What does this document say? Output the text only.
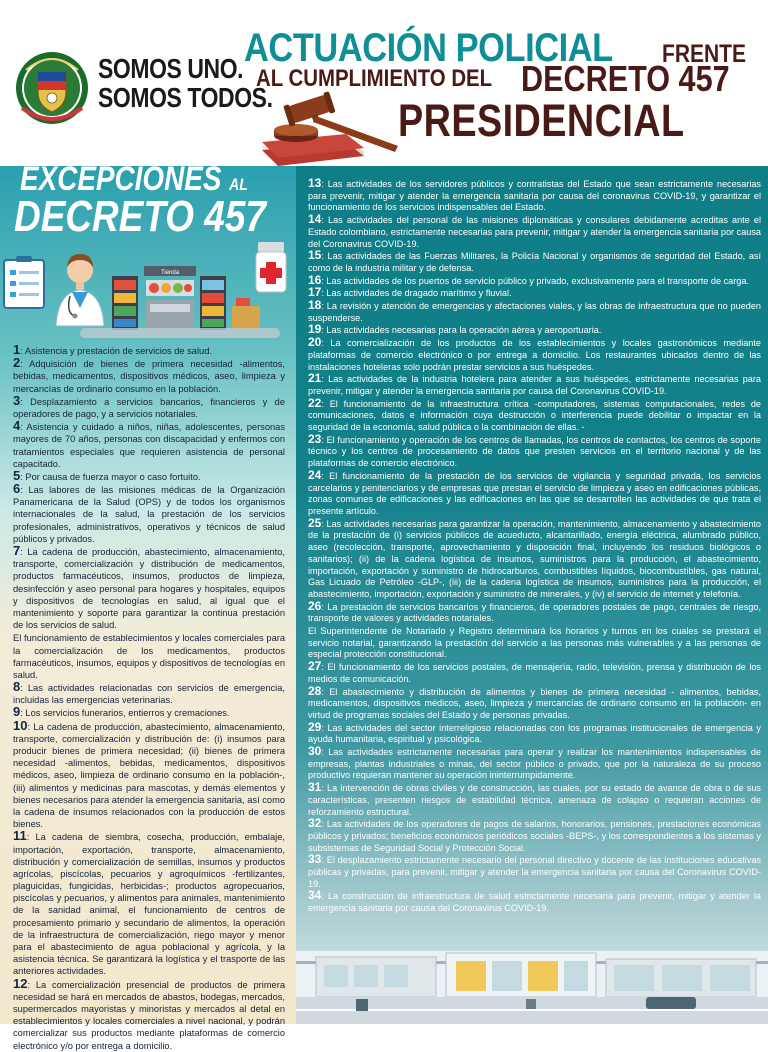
SOMOS UNO.
SOMOS TODOS.
ACTUACIÓN POLICIAL FRENTE
AL CUMPLIMIENTO DEL DECRETO 457
PRESIDENCIAL
EXCEPCIONES AL
DECRETO 457
Tienda

1: Asistencia y prestación de servicios de salud.

2: Adquisición de bienes de primera necesidad -alimentos, bebidas, medicamentos, dispositivos médicos, aseo, limpieza y mercancías de ordinario consumo en la población.

3: Desplazamiento a servicios bancarios, financieros y de operadores de pago, y a servicios notariales.

4: Asistencia y cuidado a niños, niñas, adolescentes, personas mayores de 70 años, personas con discapacidad y enfermos con tratamientos especiales que requieren asistencia de personal capacitado.

5: Por causa de fuerza mayor o caso fortuito.

6: Las labores de las misiones médicas de la Organización Panamericana de la Salud (OPS) y de todos los organismos internacionales de la salud, la prestación de los servicios profesionales, administrativos, operativos y técnicos de salud públicos y privados.

7: La cadena de producción, abastecimiento, almacenamiento, transporte, comercialización y distribución de medicamentos, productos farmacéuticos, insumos, productos de limpieza, desinfección y aseo personal para hogares y hospitales, equipos y dispositivos de tecnologías en salud, al igual que el mantenimiento y soporte para garantizar la continua prestación de los servicios de salud.

El funcionamiento de establecimientos y locales comerciales para la comercialización de los medicamentos, productos farmacéuticos, insumos, equipos y dispositivos de tecnologías en salud.

8: Las actividades relacionadas con servicios de emergencia, incluidas las emergencias veterinarias.

9: Los servicios funerarios, entierros y cremaciones.

10: La cadena de producción, abastecimiento, almacenamiento, transporte, comercialización y distribución de: (i) insumos para producir bienes de primera necesidad; (ii) bienes de primera necesidad -alimentos, bebidas, medicamentos, dispositivos médicos, aseo, limpieza de ordinario consumo en la población-, (iii) alimentos y medicinas para mascotas, y demás elementos y bienes necesarios para atender la emergencia sanitaria, así como la cadena de insumos relacionados con la producción de estos bienes.

11: La cadena de siembra, cosecha, producción, embalaje, importación, exportación, transporte, almacenamiento, distribución y comercialización de semillas, insumos y productos agrícolas, piscícolas, pecuarios y agroquímicos -fertilizantes, plaguicidas, fungicidas, herbicidas-; productos agropecuarios, piscícolas y pecuarios, y alimentos para animales, mantenimiento de la sanidad animal, el funcionamiento de centros de procesamiento primario y secundario de alimentos, la operación de la infraestructura de comercialización, riego mayor y menor para el abastecimiento de agua poblacional y agrícola, y la asistencia técnica. Se garantizará la logística y el trasporte de las anteriores actividades.

12: La comercialización presencial de productos de primera necesidad se hará en mercados de abastos, bodegas, mercados, supermercados mayoristas y minoristas y mercados al detal en establecimientos y locales comerciales a nivel nacional, y podrán comercializar sus productos mediante plataformas de comercio electrónico y/o por entrega a domicilio.

13: Las actividades de los servidores públicos y contratistas del Estado que sean estrictamente necesarias para prevenir, mitigar y atender la emergencia sanitaria por causa del coronavirus COVID-19, y garantizar el funcionamiento de los servicios indispensables del Estado.

14: Las actividades del personal de las misiones diplomáticas y consulares debidamente acreditas ante el Estado colombiano, estrictamente necesarias para prevenir, mitigar y atender la emergencia sanitaria por causa del Coronavirus COVID-19.

15: Las actividades de las Fuerzas Militares, la Policía Nacional y organismos de seguridad del Estado, así como de la industria militar y de defensa.

16: Las actividades de los puertos de servicio público y privado, exclusivamente para el transporte de carga.

17: Las actividades de dragado marítimo y fluvial.

18: La revisión y atención de emergencias y afectaciones viales, y las obras de infraestructura que no pueden suspenderse.

19: Las actividades necesarias para la operación aérea y aeroportuaria.

20: La comercialización de los productos de los establecimientos y locales gastronómicos mediante plataformas de comercio electrónico o por entrega a domicilio. Los restaurantes ubicados dentro de las instalaciones hoteleras solo podrán prestar servicios a sus huéspedes.

21: Las actividades de la industria hotelera para atender a sus huéspedes, estrictamente necesarias para prevenir, mitigar y atender la emergencia sanitaria por causa del Coronavirus COVID-19.

22: El funcionamiento de la infraestructura crítica -computadores, sistemas computacionales, redes de comunicaciones, datos e información cuya destrucción o interferencia puede debilitar o impactar en la seguridad de la economía, salud pública o la combinación de ellas. -

23: El funcionamiento y operación de los centros de llamadas, los centros de contactos, los centros de soporte técnico y los centros de procesamiento de datos que presten servicios en el territorio nacional y de las plataformas de comercio electrónico.

24: El funcionamiento de la prestación de los servicios de vigilancia y seguridad privada, los servicios carcelarios y penitenciarios y de empresas que prestan el servicio de limpieza y aseo en edificaciones públicas, zonas comunes de edificaciones y las edificaciones en las que se desarrollen las actividades de que trata el presente artículo.

25: Las actividades necesarias para garantizar la operación, mantenimiento, almacenamiento y abastecimiento de la prestación de (i) servicios públicos de acueducto, alcantarillado, energía eléctrica, alumbrado público, aseo (recolección, transporte, aprovechamiento y disposición final, incluyendo los residuos biológicos o sanitarios); (ii) de la cadena logística de insumos, suministros para la producción, el abastecimiento, importación, exportación y suministro de hidrocarburos, combustibles líquidos, biocombustibles, gas natural, Gas Licuado de Petróleo -GLP-, (iii) de la cadena logística de insumos, suministros para la producción, el abastecimiento, importación, exportación y suministro de minerales, y (iv) el servicio de internet y telefonía.

26: La prestación de servicios bancarios y financieros, de operadores postales de pago, centrales de riesgo, transporte de valores y actividades notariales.

El Superintendente de Notariado y Registro determinará los horarios y turnos en los cuales se prestará el servicio notarial, garantizando la prestación del servicio a las personas más vulnerables y a las personas de especial protección constitucional.

27: El funcionamiento de los servicios postales, de mensajería, radio, televisión, prensa y distribución de los medios de comunicación.

28: El abastecimiento y distribución de alimentos y bienes de primera necesidad - alimentos, bebidas, medicamentos, dispositivos médicos, aseo, limpieza y mercancías de ordinario consumo en la población- en virtud de programas sociales del Estado y de personas privadas.

29: Las actividades del sector interreligioso relacionadas con los programas institucionales de emergencia y ayuda humanitaria, espiritual y psicológica.

30: Las actividades estrictamente necesarias para operar y realizar los mantenimientos indispensables de empresas, plantas industriales o minas, del sector público o privado, que por la naturaleza de su proceso productivo requieran mantener su operación ininterrumpidamente.

31: La intervención de obras civiles y de construcción, las cuales, por su estado de avance de obra o de sus características, presenten riesgos de estabilidad técnica, amenaza de colapso o requieran acciones de reforzamiento estructural.

32: Las actividades de los operadores de pagos de salarios, honorarios, pensiones, prestaciones económicas públicos y privados; beneficios económicos periódicos sociales -BEPS-, y los correspondientes a los sistemas y subsistemas de Seguridad Social y Protección Social.

33: El desplazamiento estrictamente necesario del personal directivo y docente de las instituciones educativas públicas y privadas, para prevenir, mitigar y atender la emergencia sanitaria por causa del Coronavirus COVID-19.

34: La construcción de infraestructura de salud estrictamente necesaria para prevenir, mitigar y atender la emergencia sanitaria por causa del Coronavirus COVID-19.
